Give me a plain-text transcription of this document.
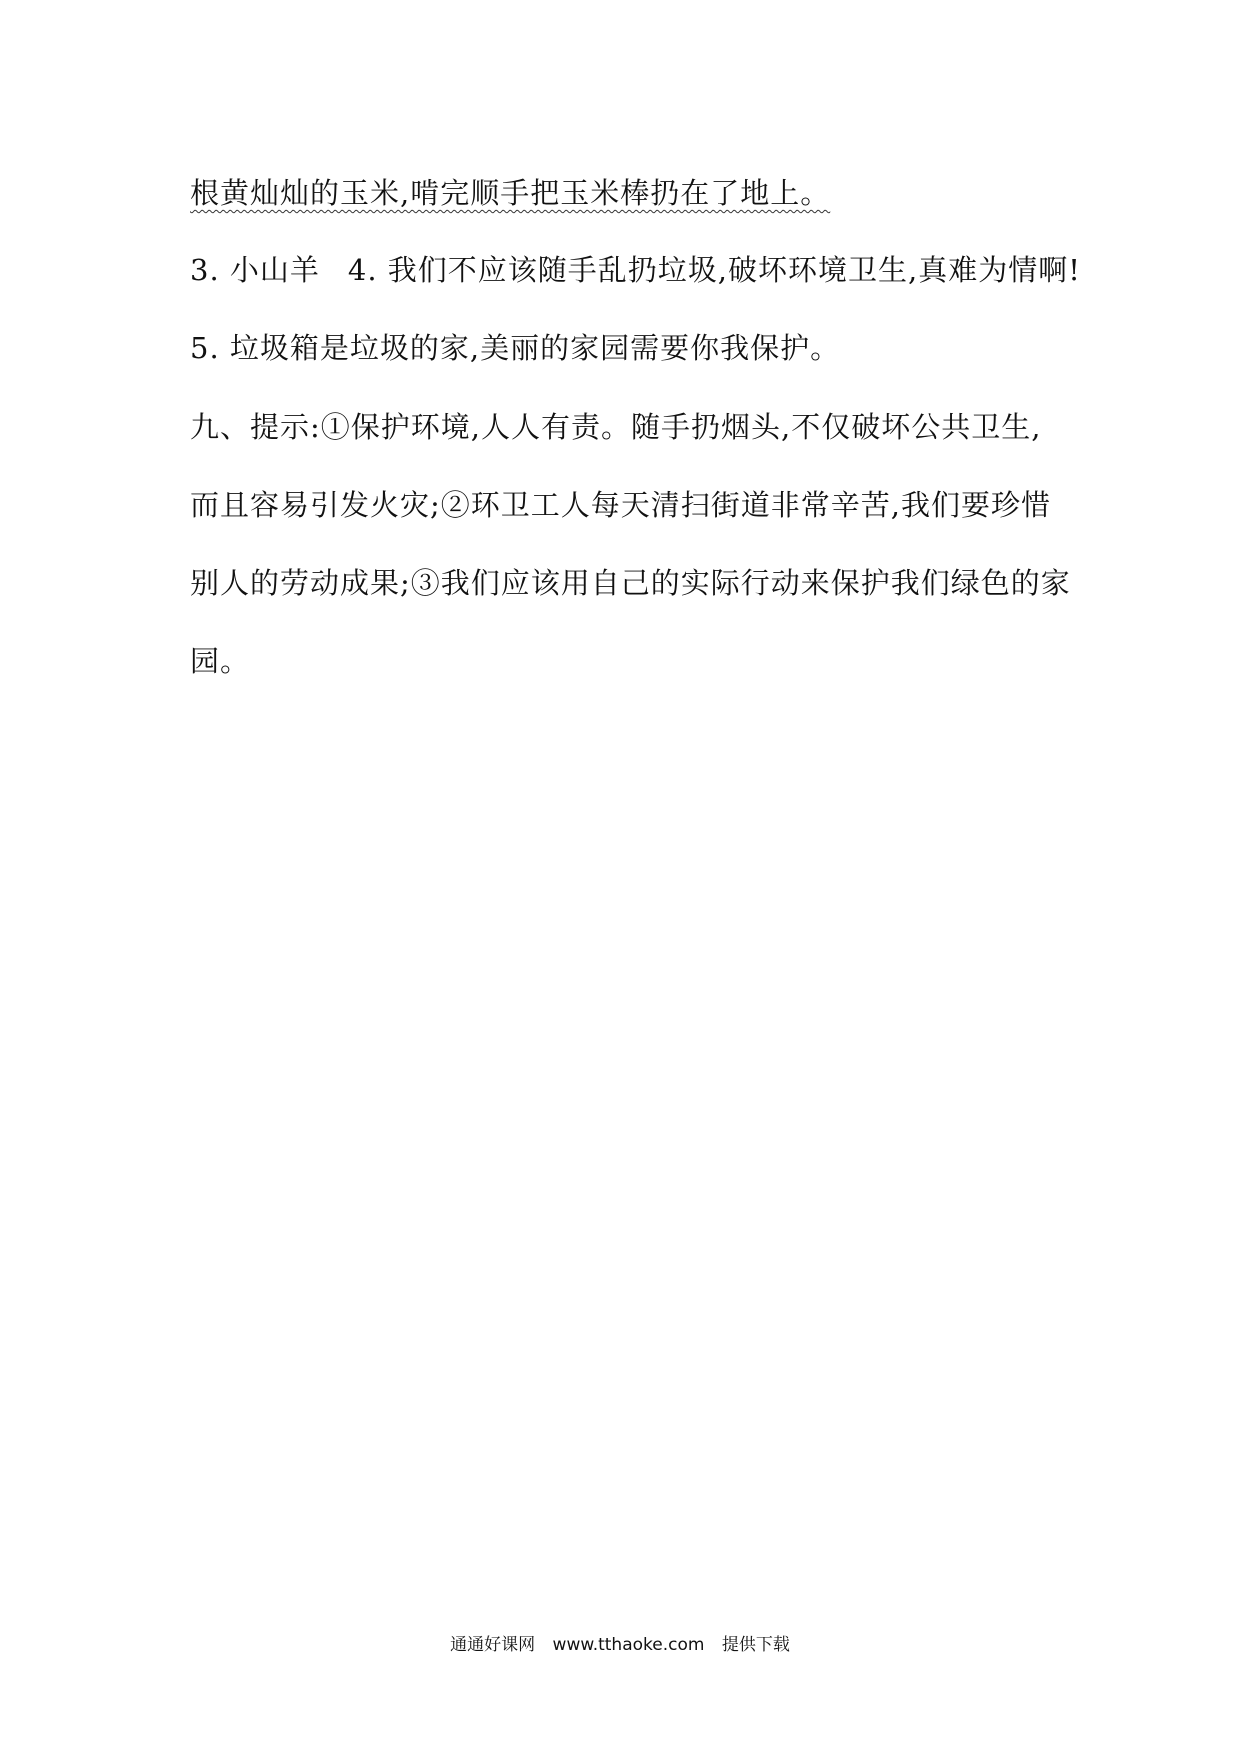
根黄灿灿的玉米,啃完顺手把玉米棒扔在了地上。
3. 小山羊 4. 我们不应该随手乱扔垃圾,破坏环境卫生,真难为情啊!
5. 垃圾箱是垃圾的家,美丽的家园需要你我保护。
九、提示:①保护环境,人人有责。随手扔烟头,不仅破坏公共卫生,
而且容易引发火灾;②环卫工人每天清扫街道非常辛苦,我们要珍惜
别人的劳动成果;③我们应该用自己的实际行动来保护我们绿色的家
园。
通通好课网 www.tthaoke.com 提供下载
